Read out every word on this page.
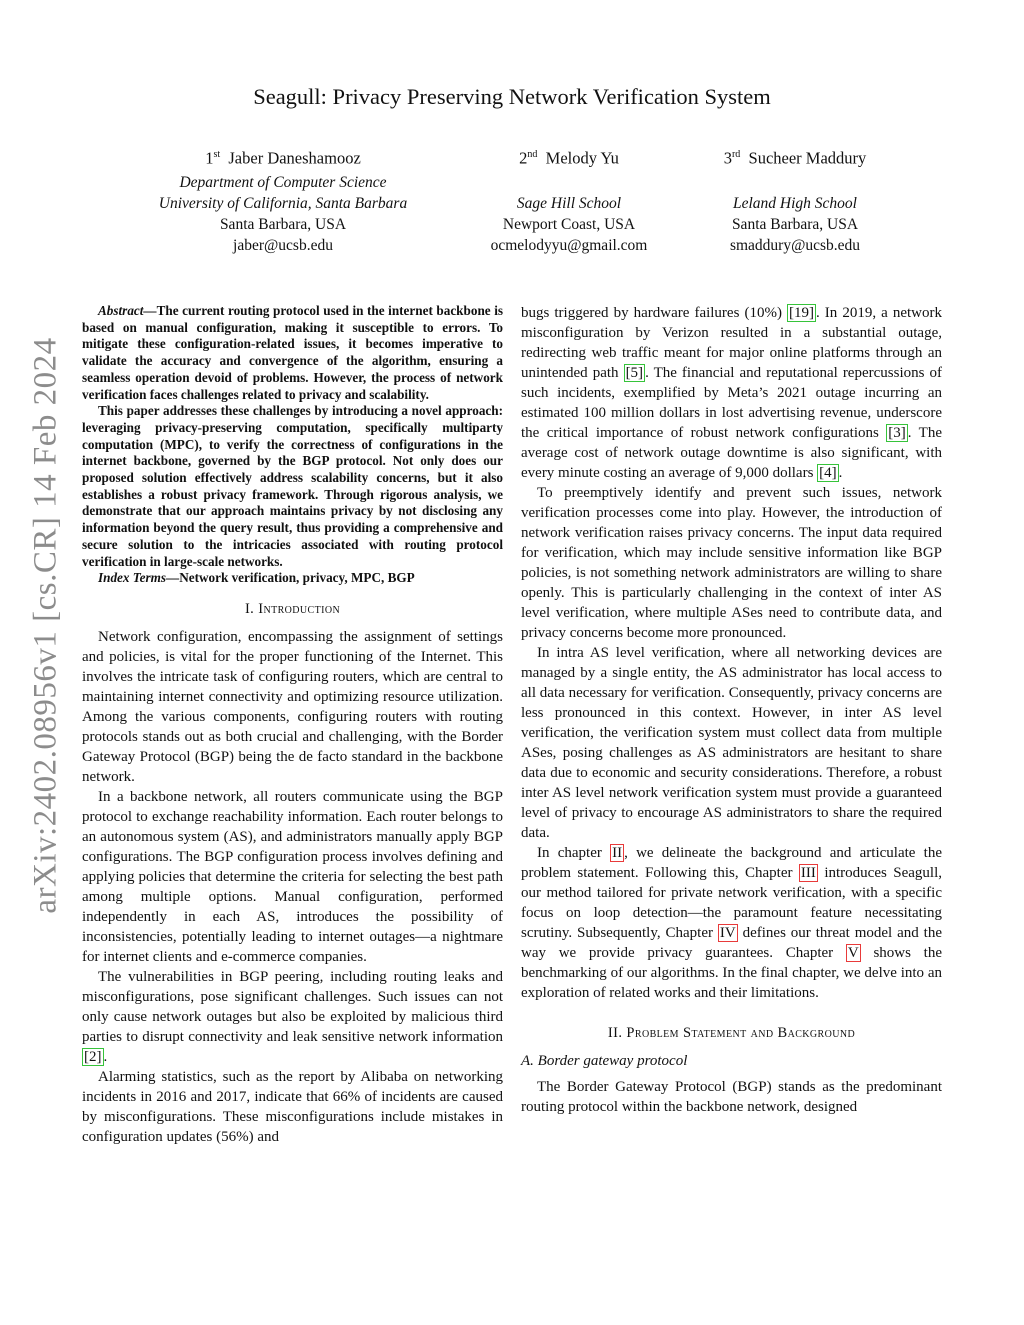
arXiv:2402.08956v1 [cs.CR] 14 Feb 2024
Seagull: Privacy Preserving Network Verification System
1st Jaber Daneshamooz
Department of Computer Science
University of California, Santa Barbara
Santa Barbara, USA
jaber@ucsb.edu
2nd Melody Yu
Sage Hill School
Newport Coast, USA
ocmelodyyu@gmail.com
3rd Sucheer Maddury
Leland High School
Santa Barbara, USA
smaddury@ucsb.edu

Abstract—The current routing protocol used in the internet backbone is based on manual configuration, making it susceptible to errors. To mitigate these configuration-related issues, it becomes imperative to validate the accuracy and convergence of the algorithm, ensuring a seamless operation devoid of problems. However, the process of network verification faces challenges related to privacy and scalability.

This paper addresses these challenges by introducing a novel approach: leveraging privacy-preserving computation, specifically multiparty computation (MPC), to verify the correctness of configurations in the internet backbone, governed by the BGP protocol. Not only does our proposed solution effectively address scalability concerns, but it also establishes a robust privacy framework. Through rigorous analysis, we demonstrate that our approach maintains privacy by not disclosing any information beyond the query result, thus providing a comprehensive and secure solution to the intricacies associated with routing protocol verification in large-scale networks.

Index Terms—Network verification, privacy, MPC, BGP

I. Introduction

Network configuration, encompassing the assignment of settings and policies, is vital for the proper functioning of the Internet. This involves the intricate task of configuring routers, which are central to maintaining internet connectivity and optimizing resource utilization. Among the various components, configuring routers with routing protocols stands out as both crucial and challenging, with the Border Gateway Protocol (BGP) being the de facto standard in the backbone network.

In a backbone network, all routers communicate using the BGP protocol to exchange reachability information. Each router belongs to an autonomous system (AS), and administrators manually apply BGP configurations. The BGP configuration process involves defining and applying policies that determine the criteria for selecting the best path among multiple options. Manual configuration, performed independently in each AS, introduces the possibility of inconsistencies, potentially leading to internet outages—a nightmare for internet clients and e-commerce companies.

The vulnerabilities in BGP peering, including routing leaks and misconfigurations, pose significant challenges. Such issues can not only cause network outages but also be exploited by malicious third parties to disrupt connectivity and leak sensitive network information [2] .

Alarming statistics, such as the report by Alibaba on networking incidents in 2016 and 2017, indicate that 66% of incidents are caused by misconfigurations. These misconfigurations include mistakes in configuration updates (56%) and

bugs triggered by hardware failures (10%) [19] . In 2019, a network misconfiguration by Verizon resulted in a substantial outage, redirecting web traffic meant for major online platforms through an unintended path [5] . The financial and reputational repercussions of such incidents, exemplified by Meta’s 2021 outage incurring an estimated 100 million dollars in lost advertising revenue, underscore the critical importance of robust network configurations [3] . The average cost of network outage downtime is also significant, with every minute costing an average of 9,000 dollars [4] .

To preemptively identify and prevent such issues, network verification processes come into play. However, the introduction of network verification raises privacy concerns. The input data required for verification, which may include sensitive information like BGP policies, is not something network administrators are willing to share openly. This is particularly challenging in the context of inter AS level verification, where multiple ASes need to contribute data, and privacy concerns become more pronounced.

In intra AS level verification, where all networking devices are managed by a single entity, the AS administrator has local access to all data necessary for verification. Consequently, privacy concerns are less pronounced in this context. However, in inter AS level verification, the verification system must collect data from multiple ASes, posing challenges as AS administrators are hesitant to share data due to economic and security considerations. Therefore, a robust inter AS level network verification system must provide a guaranteed level of privacy to encourage AS administrators to share the required data.

In chapter II , we delineate the background and articulate the problem statement. Following this, Chapter III introduces Seagull, our method tailored for private network verification, with a specific focus on loop detection—the paramount feature necessitating scrutiny. Subsequently, Chapter IV defines our threat model and the way we provide privacy guarantees. Chapter V shows the benchmarking of our algorithms. In the final chapter, we delve into an exploration of related works and their limitations.

II. Problem Statement and Background
A. Border gateway protocol

The Border Gateway Protocol (BGP) stands as the predominant routing protocol within the backbone network, designed
